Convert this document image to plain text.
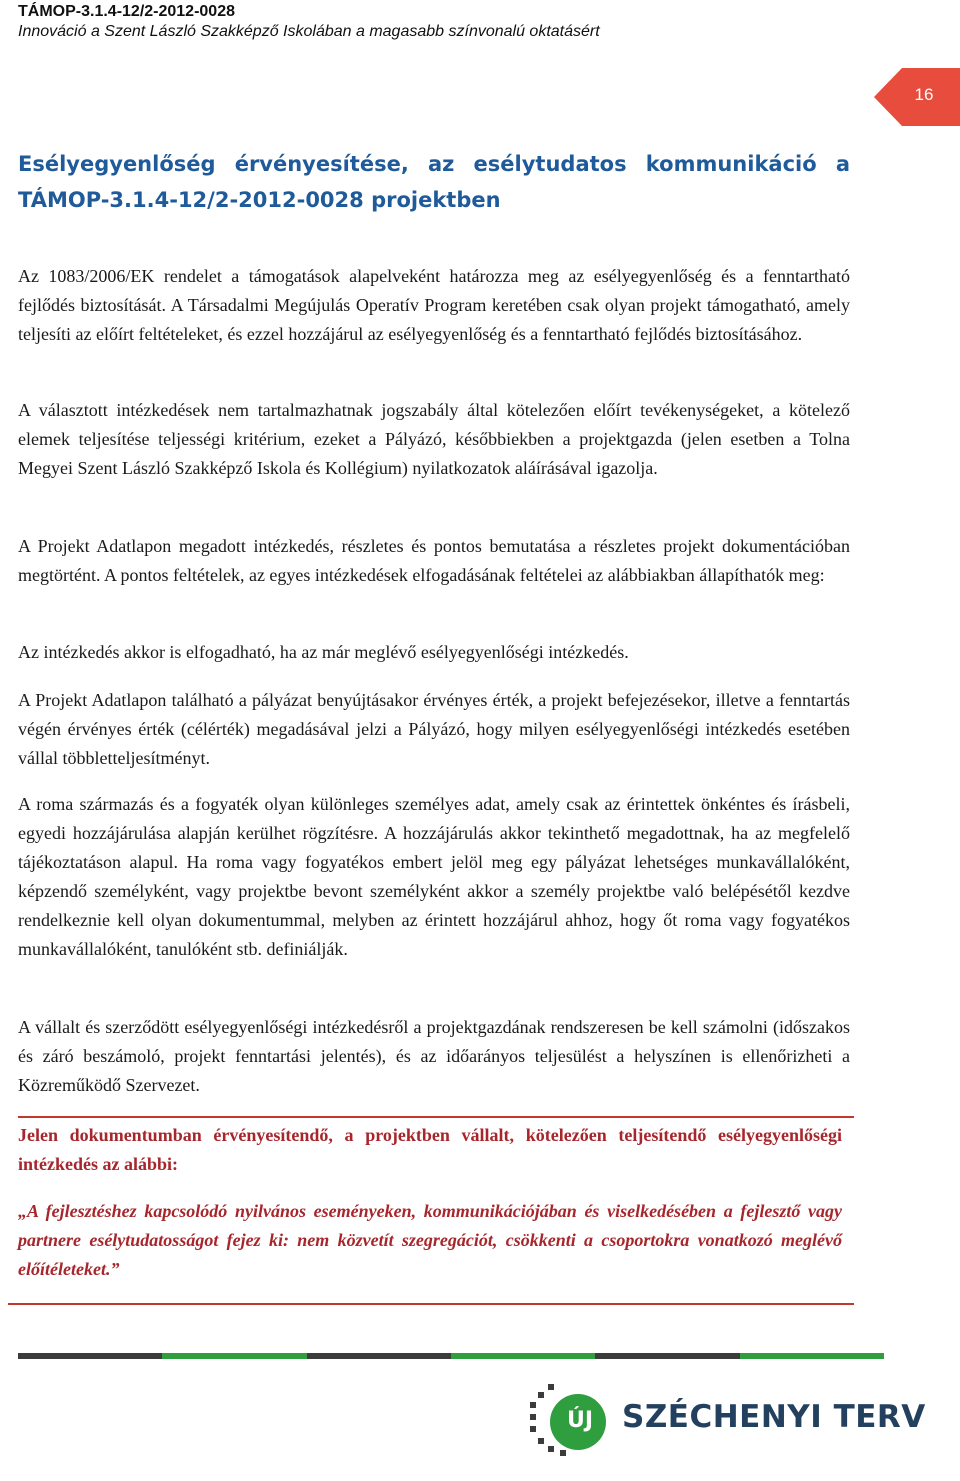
TÁMOP-3.1.4-12/2-2012-0028
Innováció a Szent László Szakképző Iskolában a magasabb színvonalú oktatásért
16
Esélyegyenlőség érvényesítése, az esélytudatos kommunikáció a
TÁMOP-3.1.4-12/2-2012-0028 projektben

Az 1083/2006/EK rendelet a támogatások alapelveként határozza meg az esélyegyenlőség és a fenntartható fejlődés biztosítását. A Társadalmi Megújulás Operatív Program keretében csak olyan projekt támogatható, amely teljesíti az előírt feltételeket, és ezzel hozzájárul az esélyegyenlőség és a fenntartható fejlődés biztosításához.

A választott intézkedések nem tartalmazhatnak jogszabály által kötelezően előírt tevékenységeket, a kötelező elemek teljesítése teljességi kritérium, ezeket a Pályázó, későbbiekben a projektgazda (jelen esetben a Tolna Megyei Szent László Szakképző Iskola és Kollégium) nyilatkozatok aláírásával igazolja.

A Projekt Adatlapon megadott intézkedés, részletes és pontos bemutatása a részletes projekt dokumentációban megtörtént. A pontos feltételek, az egyes intézkedések elfogadásának feltételei az alábbiakban állapíthatók meg:

Az intézkedés akkor is elfogadható, ha az már meglévő esélyegyenlőségi intézkedés.

A Projekt Adatlapon található a pályázat benyújtásakor érvényes érték, a projekt befejezésekor, illetve a fenntartás végén érvényes érték (célérték) megadásával jelzi a Pályázó, hogy milyen esélyegyenlőségi intézkedés esetében vállal többletteljesítményt.

A roma származás és a fogyaték olyan különleges személyes adat, amely csak az érintettek önkéntes és írásbeli, egyedi hozzájárulása alapján kerülhet rögzítésre. A hozzájárulás akkor tekinthető megadottnak, ha az megfelelő tájékoztatáson alapul. Ha roma vagy fogyatékos embert jelöl meg egy pályázat lehetséges munkavállalóként, képzendő személyként, vagy projektbe bevont személyként akkor a személy projektbe való belépésétől kezdve rendelkeznie kell olyan dokumentummal, melyben az érintett hozzájárul ahhoz, hogy őt roma vagy fogyatékos munkavállalóként, tanulóként stb. definiálják.

A vállalt és szerződött esélyegyenlőségi intézkedésről a projektgazdának rendszeresen be kell számolni (időszakos és záró beszámoló, projekt fenntartási jelentés), és az időarányos teljesülést a helyszínen is ellenőrizheti a Közreműködő Szervezet.

Jelen dokumentumban érvényesítendő, a projektben vállalt, kötelezően teljesítendő esélyegyenlőségi intézkedés az alábbi:

„A fejlesztéshez kapcsolódó nyilvános eseményeken, kommunikációjában és viselkedésében a fejlesztő vagy partnere esélytudatosságot fejez ki: nem közvetít szegregációt, csökkenti a csoportokra vonatkozó meglévő előítéleteket.”

ÚJ SZÉCHENYI TERV
